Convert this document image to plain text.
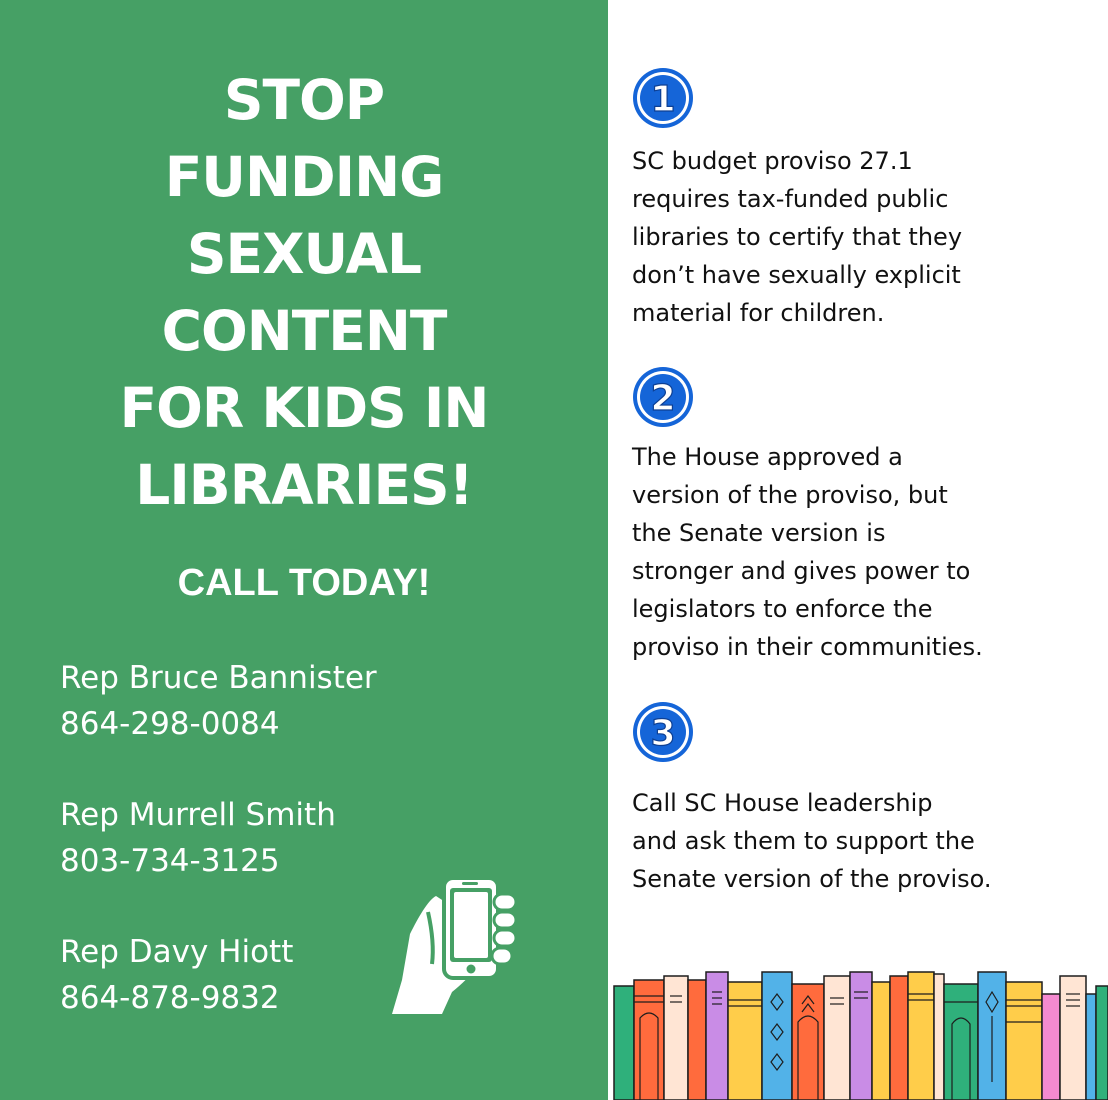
STOP
FUNDING
SEXUAL
CONTENT
FOR KIDS IN
LIBRARIES!
CALL TODAY!
Rep Bruce Bannister
864-298-0084
Rep Murrell Smith
803-734-3125
Rep Davy Hiott
864-878-9832
1
2
3

SC budget proviso 27.1
requires tax-funded public
libraries to certify that they
don’t have sexually explicit
material for children.

The House approved a
version of the proviso, but
the Senate version is
stronger and gives power to
legislators to enforce the
proviso in their communities.

Call SC House leadership
and ask them to support the
Senate version of the proviso.
